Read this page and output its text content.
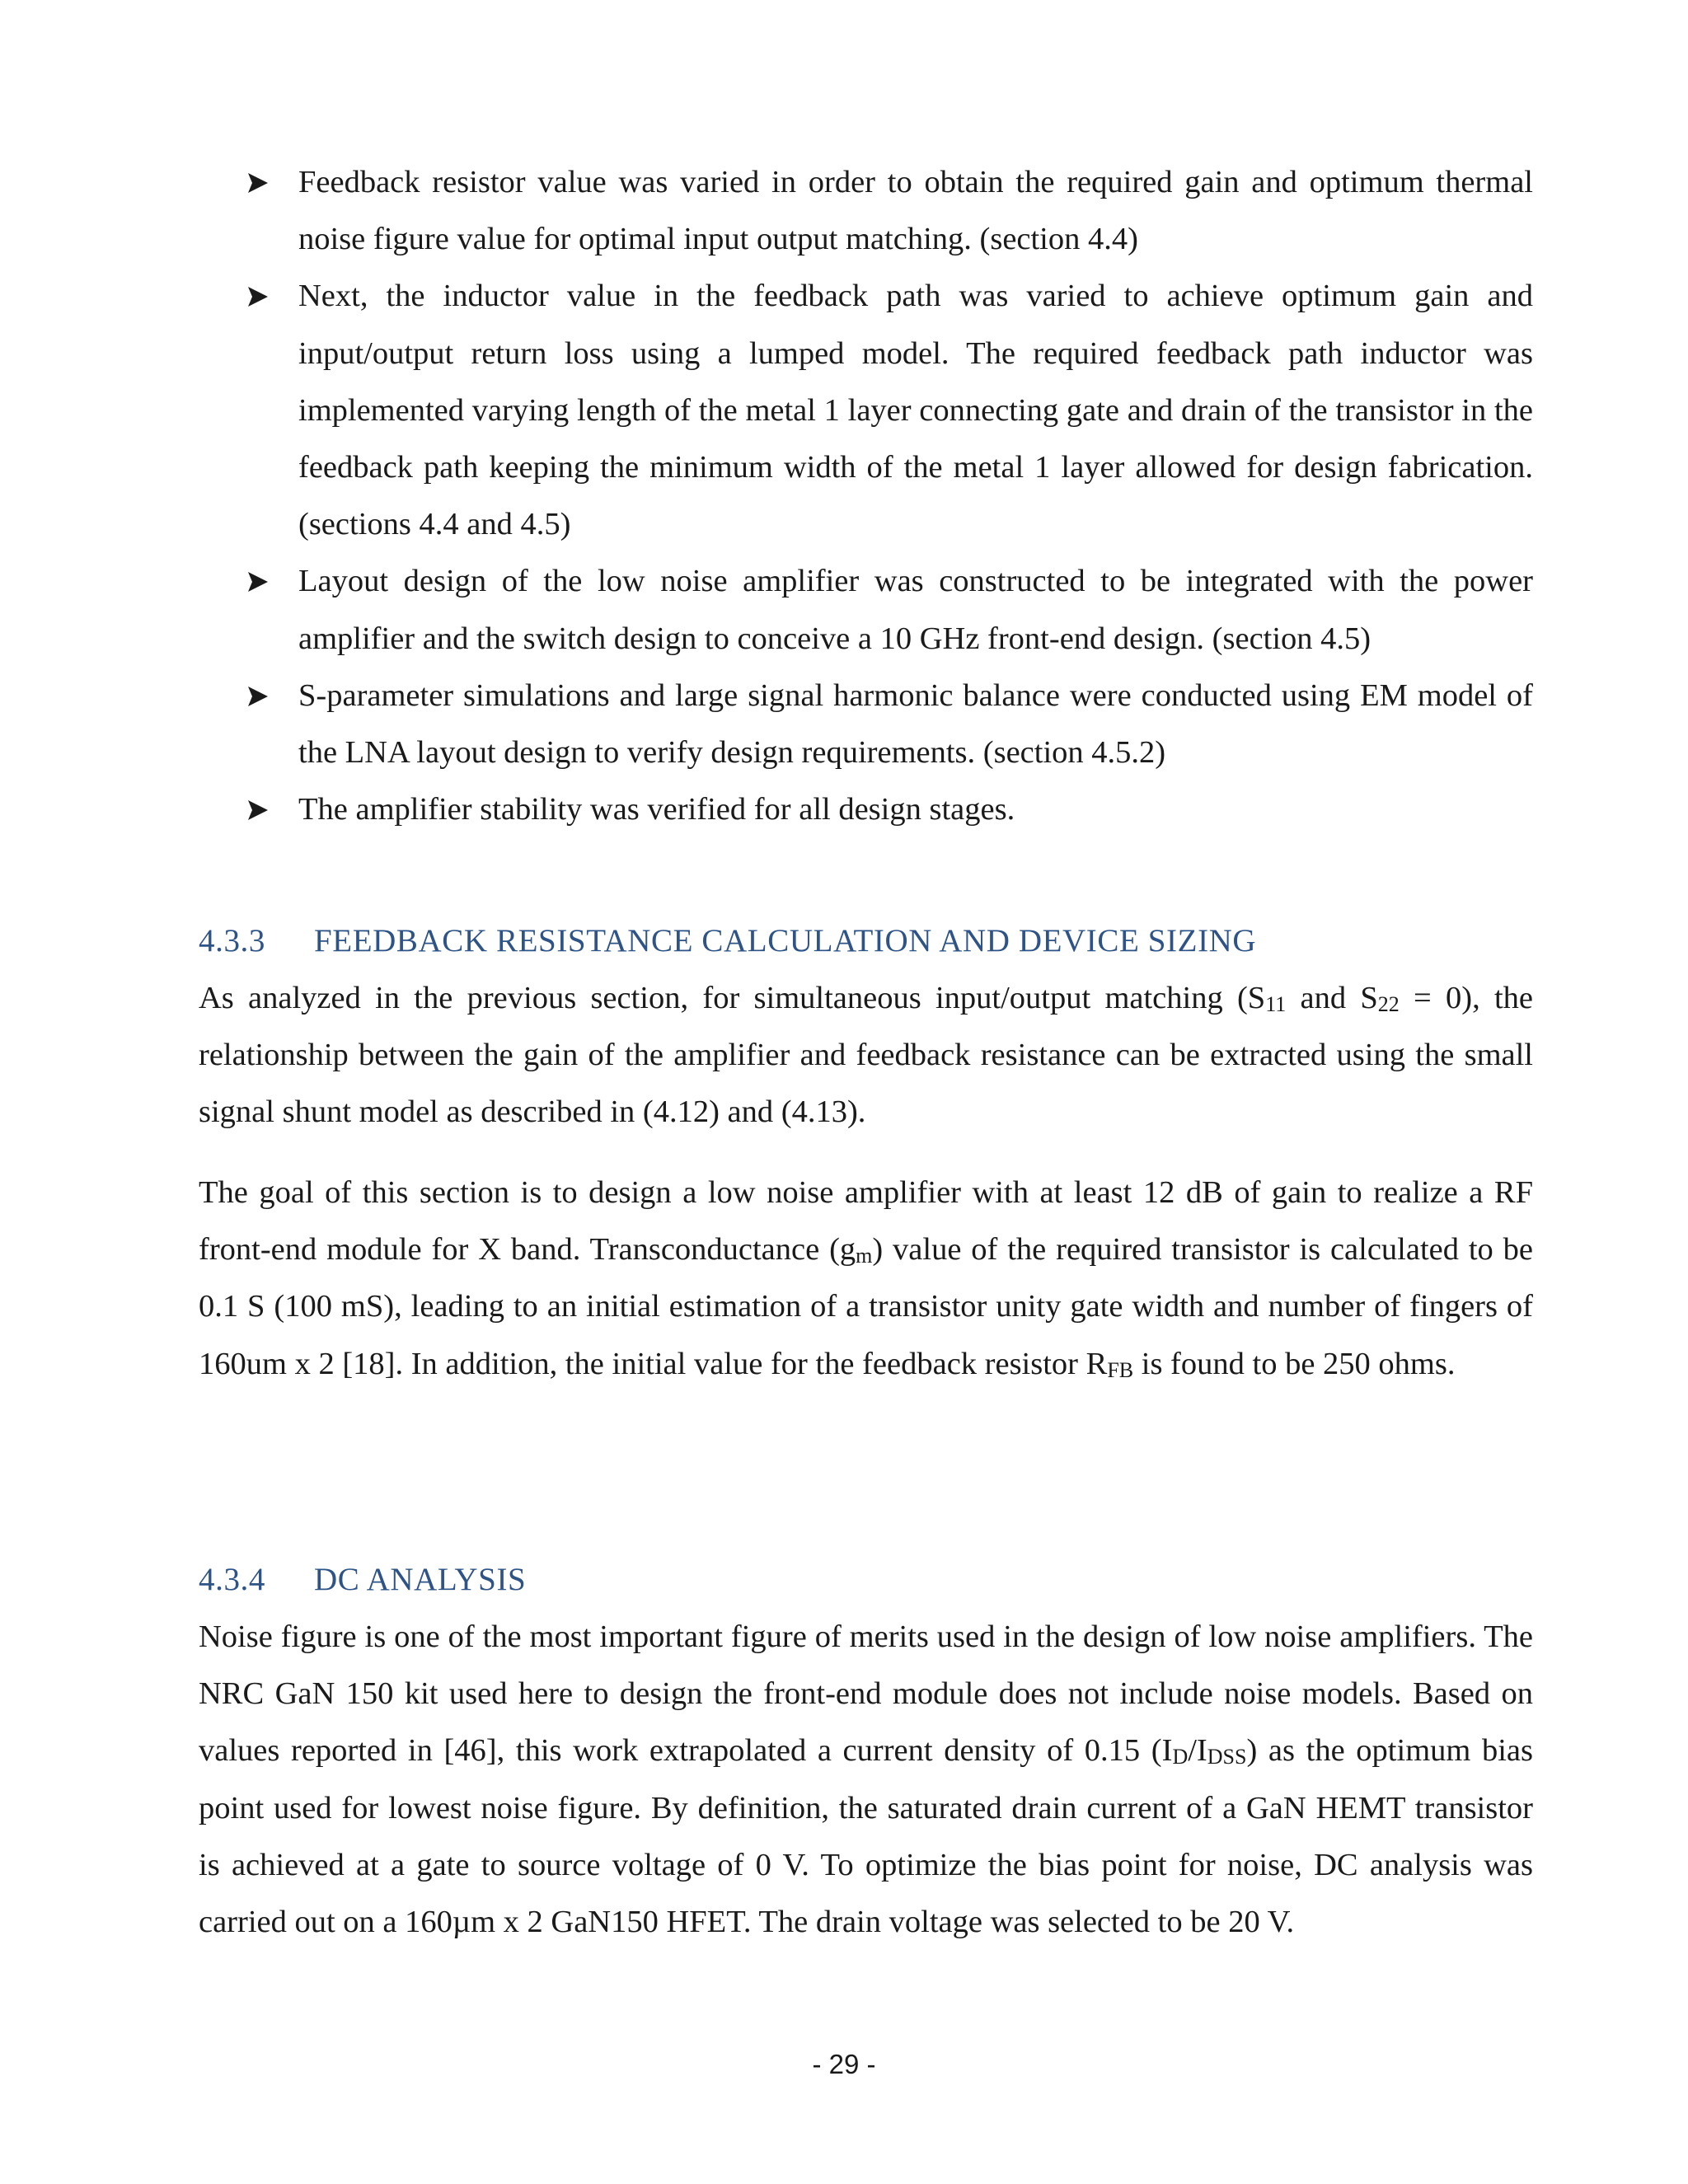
Feedback resistor value was varied in order to obtain the required gain and optimum thermal noise figure value for optimal input output matching. (section 4.4)
Next, the inductor value in the feedback path was varied to achieve optimum gain and input/output return loss using a lumped model. The required feedback path inductor was implemented varying length of the metal 1 layer connecting gate and drain of the transistor in the feedback path keeping the minimum width of the metal 1 layer allowed for design fabrication. (sections 4.4 and 4.5)
Layout design of the low noise amplifier was constructed to be integrated with the power amplifier and the switch design to conceive a 10 GHz front-end design. (section 4.5)
S-parameter simulations and large signal harmonic balance were conducted using EM model of the LNA layout design to verify design requirements. (section 4.5.2)
The amplifier stability was verified for all design stages.
4.3.3 FEEDBACK RESISTANCE CALCULATION AND DEVICE SIZING
As analyzed in the previous section, for simultaneous input/output matching ($S_{11}$ and $S_{22} = 0$), the relationship between the gain of the amplifier and feedback resistance can be extracted using the small signal shunt model as described in (4.12) and (4.13).
The goal of this section is to design a low noise amplifier with at least 12 dB of gain to realize a RF front-end module for X band. Transconductance $(g_m)$ value of the required transistor is calculated to be 0.1 S (100 mS), leading to an initial estimation of a transistor unity gate width and number of fingers of 160um x 2 [18]. In addition, the initial value for the feedback resistor $R_{FB}$ is found to be 250 ohms.
4.3.4 DC ANALYSIS
Noise figure is one of the most important figure of merits used in the design of low noise amplifiers. The NRC GaN 150 kit used here to design the front-end module does not include noise models. Based on values reported in [46], this work extrapolated a current density of 0.15 $(I_D/I_{DSS})$ as the optimum bias point used for lowest noise figure. By definition, the saturated drain current of a GaN HEMT transistor is achieved at a gate to source voltage of 0 V. To optimize the bias point for noise, DC analysis was carried out on a 160µm x 2 GaN150 HFET. The drain voltage was selected to be 20 V.
- 29 -
